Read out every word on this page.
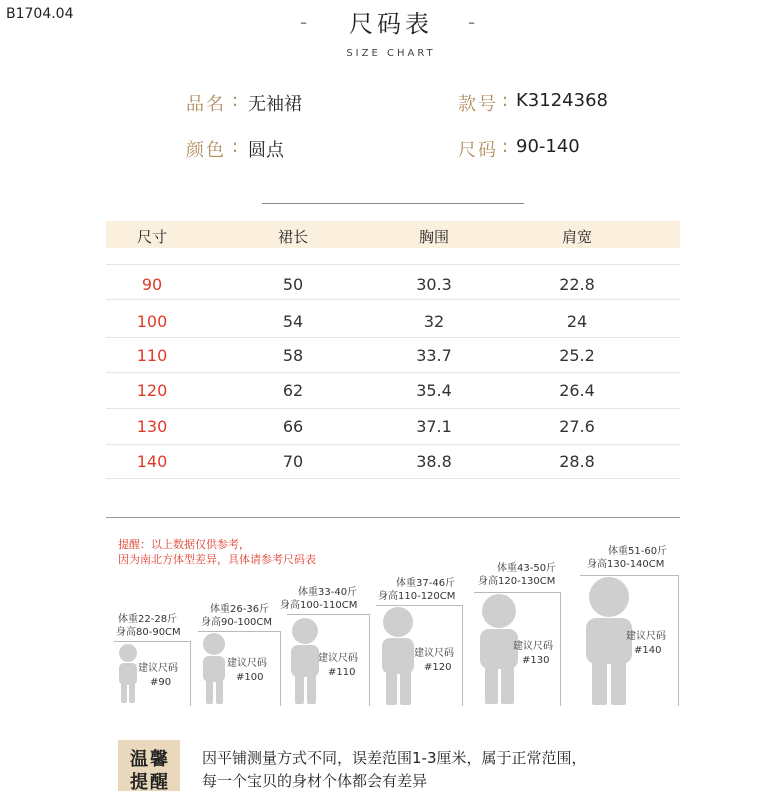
B1704.04	-	尺码表	-
SIZE CHART
品名 : 无袖裙	款号 : K3124368
颜色 : 圆点	尺码 : 90-140
尺寸	裙长	胸围	肩宽
90	50	30.3	22.8
100	54	32	24
110	58	33.7	25.2
120	62	35.4	26.4
130	66	37.1	27.6
140	70	38.8	28.8
提醒：以上数据仅供参考，
因为南北方体型差异，具体请参考尺码表
体重22-28斤
身高80-90CM
建议尺码
#90
体重26-36斤
身高90-100CM
建议尺码
#100
体重33-40斤
身高100-110CM
建议尺码
#110
体重37-46斤
身高110-120CM
建议尺码
#120
体重43-50斤
身高120-130CM
建议尺码
#130
体重51-60斤
身高130-140CM
建议尺码
#140
温馨
提醒
因平铺测量方式不同，误差范围1-3厘米，属于正常范围，
每一个宝贝的身材个体都会有差异
